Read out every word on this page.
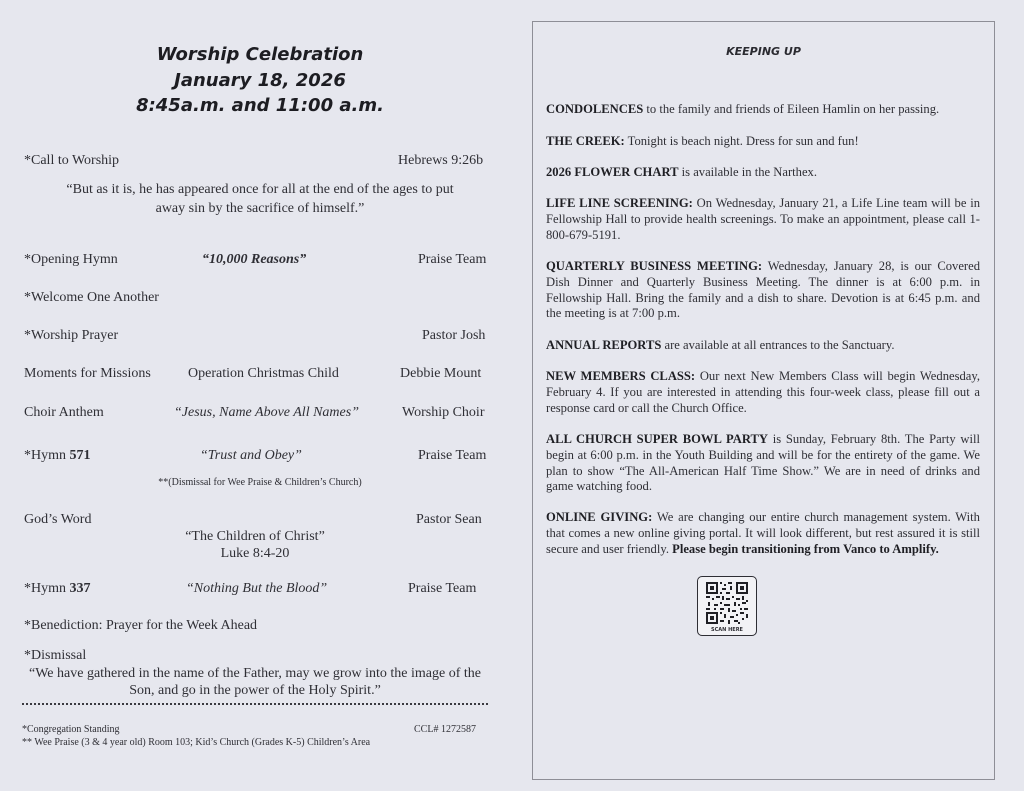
Worship Celebration
January 18, 2026
8:45a.m. and 11:00 a.m.
*Call to Worship	Hebrews 9:26b
“But as it is, he has appeared once for all at the end of the ages to put
away sin by the sacrifice of himself.”
*Opening Hymn	“10,000 Reasons”	Praise Team
*Welcome One Another
*Worship Prayer	Pastor Josh
Moments for Missions	Operation Christmas Child	Debbie Mount
Choir Anthem	“Jesus, Name Above All Names”	Worship Choir
*Hymn 571	“Trust and Obey”	Praise Team
**(Dismissal for Wee Praise & Children’s Church)
God’s Word	Pastor Sean
“The Children of Christ”
Luke 8:4-20
*Hymn 337	“Nothing But the Blood”	Praise Team
*Benediction: Prayer for the Week Ahead
*Dismissal
“We have gathered in the name of the Father, may we grow into the image of the
Son, and go in the power of the Holy Spirit.”
*Congregation Standing	CCL# 1272587
** Wee Praise (3 & 4 year old) Room 103; Kid’s Church (Grades K-5) Children’s Area
KEEPING UP
CONDOLENCES to the family and friends of Eileen Hamlin on her passing.
THE CREEK: Tonight is beach night. Dress for sun and fun!
2026 FLOWER CHART is available in the Narthex.
LIFE LINE SCREENING: On Wednesday, January 21, a Life Line team will be in Fellowship Hall to provide health screenings. To make an appointment, please call 1-800-679-5191.
QUARTERLY BUSINESS MEETING: Wednesday, January 28, is our Covered Dish Dinner and Quarterly Business Meeting. The dinner is at 6:00 p.m. in Fellowship Hall. Bring the family and a dish to share. Devotion is at 6:45 p.m. and the meeting is at 7:00 p.m.
ANNUAL REPORTS are available at all entrances to the Sanctuary.
NEW MEMBERS CLASS: Our next New Members Class will begin Wednesday, February 4. If you are interested in attending this four-week class, please fill out a response card or call the Church Office.
ALL CHURCH SUPER BOWL PARTY is Sunday, February 8th. The Party will begin at 6:00 p.m. in the Youth Building and will be for the entirety of the game. We plan to show “The All-American Half Time Show.” We are in need of drinks and game watching food.
ONLINE GIVING: We are changing our entire church management system. With that comes a new online giving portal. It will look different, but rest assured it is still secure and user friendly. Please begin transitioning from Vanco to Amplify.
SCAN HERE
